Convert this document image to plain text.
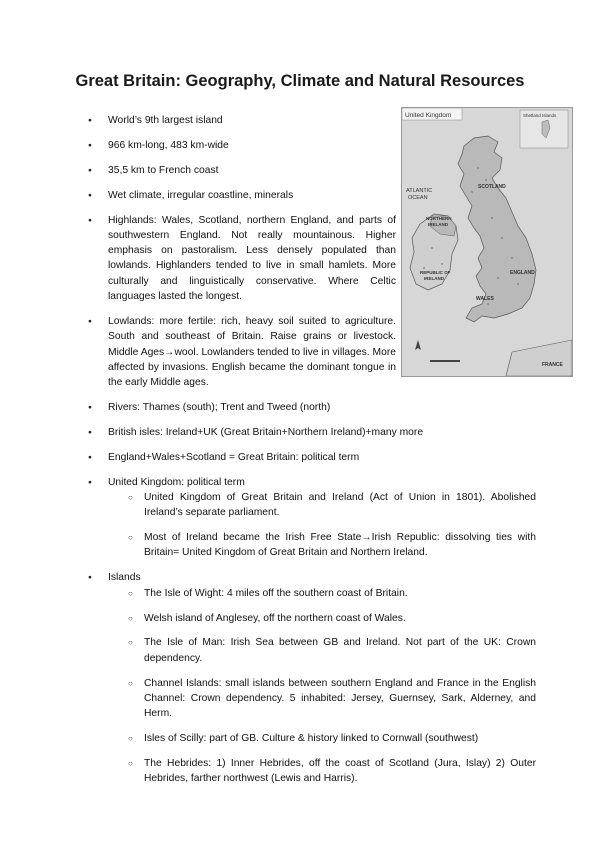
Great Britain: Geography, Climate and Natural Resources
United Kingdom	Shetland Islands
ATLANTIC
OCEAN
SCOTLAND
NORTHERN
IRELAND
REPUBLIC OF
IRELAND
ENGLAND
WALES
FRANCE
● World’s 9th largest island
● 966 km-long, 483 km-wide
● 35,5 km to French coast
● Wet climate, irregular coastline, minerals
● Highlands: Wales, Scotland, northern England, and parts of southwestern England. Not really mountainous. Higher emphasis on pastoralism. Less densely populated than lowlands. Highlanders tended to live in small hamlets. More culturally and linguistically conservative. Where Celtic languages lasted the longest.
● Lowlands: more fertile: rich, heavy soil suited to agriculture. South and southeast of Britain. Raise grains or livestock. Middle Ages→wool. Lowlanders tended to live in villages. More affected by invasions. English became the dominant tongue in the early Middle ages.
● Rivers: Thames (south); Trent and Tweed (north)
● British isles: Ireland+UK (Great Britain+Northern Ireland)+many more
● England+Wales+Scotland = Great Britain: political term
● United Kingdom: political term
○ United Kingdom of Great Britain and Ireland (Act of Union in 1801). Abolished Ireland’s separate parliament.
○ Most of Ireland became the Irish Free State→Irish Republic: dissolving ties with Britain= United Kingdom of Great Britain and Northern Ireland.
● Islands
○ The Isle of Wight: 4 miles off the southern coast of Britain.
○ Welsh island of Anglesey, off the northern coast of Wales.
○ The Isle of Man: Irish Sea between GB and Ireland. Not part of the UK: Crown dependency.
○ Channel Islands: small islands between southern England and France in the English Channel: Crown dependency. 5 inhabited: Jersey, Guernsey, Sark, Alderney, and Herm.
○ Isles of Scilly: part of GB. Culture & history linked to Cornwall (southwest)
○ The Hebrides: 1) Inner Hebrides, off the coast of Scotland (Jura, Islay) 2) Outer Hebrides, farther northwest (Lewis and Harris).
